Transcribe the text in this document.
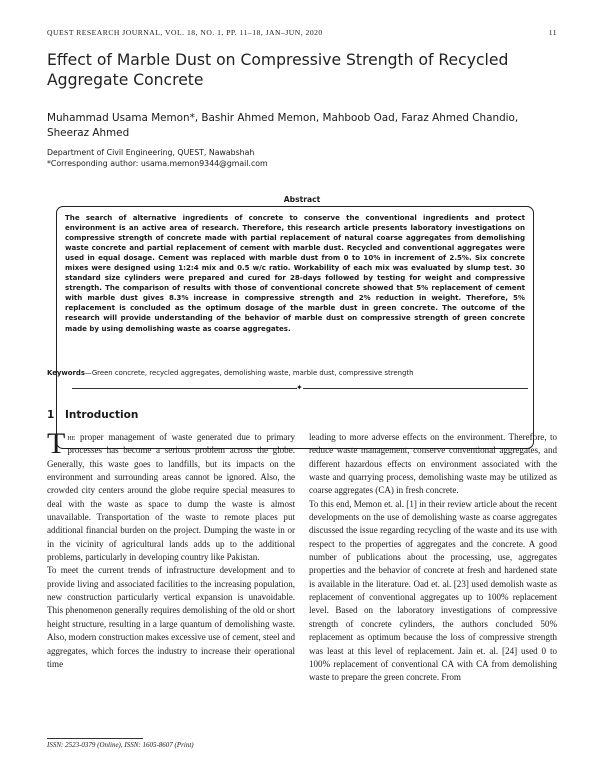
QUEST RESEARCH JOURNAL, VOL. 18, NO. 1, PP. 11–18, JAN–JUN, 2020	11
Effect of Marble Dust on Compressive Strength of Recycled Aggregate Concrete
Muhammad Usama Memon*, Bashir Ahmed Memon, Mahboob Oad, Faraz Ahmed Chandio, Sheeraz Ahmed
Department of Civil Engineering, QUEST, Nawabshah
*Corresponding author: usama.memon9344@gmail.com
Abstract

The search of alternative ingredients of concrete to conserve the conventional ingredients and protect environment is an active area of research. Therefore, this research article presents laboratory investigations on compressive strength of concrete made with partial replacement of natural coarse aggregates from demolishing waste concrete and partial replacement of cement with marble dust. Recycled and conventional aggregates were used in equal dosage. Cement was replaced with marble dust from 0 to 10% in increment of 2.5%. Six concrete mixes were designed using 1:2:4 mix and 0.5 w/c ratio. Workability of each mix was evaluated by slump test. 30 standard size cylinders were prepared and cured for 28-days followed by testing for weight and compressive strength. The comparison of results with those of conventional concrete showed that 5% replacement of cement with marble dust gives 8.3% increase in compressive strength and 2% reduction in weight. Therefore, 5% replacement is concluded as the optimum dosage of the marble dust in green concrete. The outcome of the research will provide understanding of the behavior of marble dust on compressive strength of green concrete made by using demolishing waste as coarse aggregates.

Keywords—Green concrete, recycled aggregates, demolishing waste, marble dust, compressive strength
✦
1 Introduction

The proper management of waste generated due to primary processes has become a serious problem across the globe. Generally, this waste goes to landfills, but its impacts on the environment and surrounding areas cannot be ignored. Also, the crowded city centers around the globe require special measures to deal with the waste as space to dump the waste is almost unavailable. Transportation of the waste to remote places put additional financial burden on the project. Dumping the waste in or in the vicinity of agricultural lands adds up to the additional problems, particularly in developing country like Pakistan.

To meet the current trends of infrastructure development and to provide living and associated facilities to the increasing population, new construction particularly vertical expansion is unavoidable. This phenomenon generally requires demolishing of the old or short height structure, resulting in a large quantum of demolishing waste. Also, modern construction makes excessive use of cement, steel and aggregates, which forces the industry to increase their operational time

leading to more adverse effects on the environment. Therefore, to reduce waste management, conserve conventional aggregates, and different hazardous effects on environment associated with the waste and quarrying process, demolishing waste may be utilized as coarse aggregates (CA) in fresh concrete.

To this end, Memon et. al. [1] in their review article about the recent developments on the use of demolishing waste as coarse aggregates discussed the issue regarding recycling of the waste and its use with respect to the properties of aggregates and the concrete. A good number of publications about the processing, use, aggregates properties and the behavior of concrete at fresh and hardened state is available in the literature. Oad et. al. [23] used demolish waste as replacement of conventional aggregates up to 100% replacement level. Based on the laboratory investigations of compressive strength of concrete cylinders, the authors concluded 50% replacement as optimum because the loss of compressive strength was least at this level of replacement. Jain et. al. [24] used 0 to 100% replacement of conventional CA with CA from demolishing waste to prepare the green concrete. From

ISSN: 2523-0379 (Online), ISSN: 1605-8607 (Print)
